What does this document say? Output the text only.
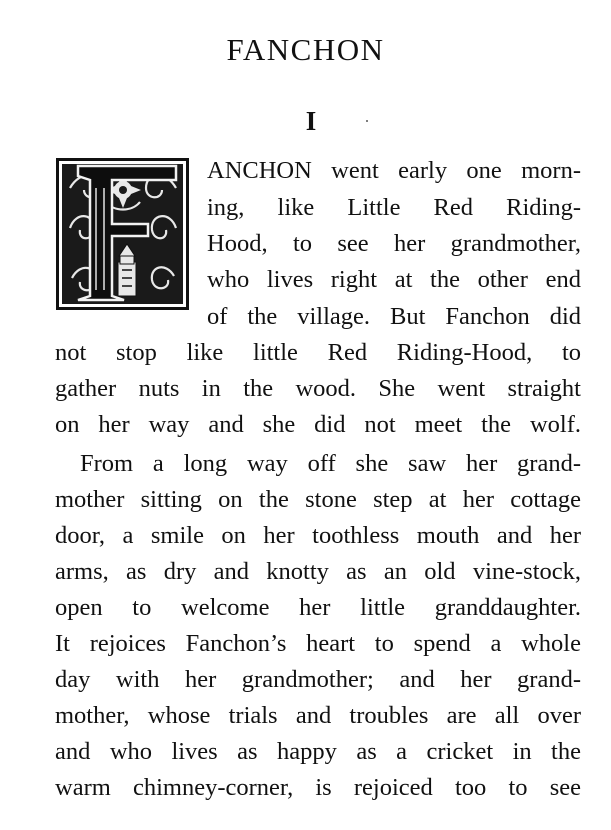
FANCHON
I
ANCHON went early one morn-
ing, like Little Red Riding-
Hood, to see her grandmother,
who lives right at the other end
of the village. But Fanchon did
not stop like little Red Riding-Hood, to
gather nuts in the wood. She went straight
on her way and she did not meet the wolf.
From a long way off she saw her grand-
mother sitting on the stone step at her cottage
door, a smile on her toothless mouth and her
arms, as dry and knotty as an old vine-stock,
open to welcome her little granddaughter.
It rejoices Fanchon’s heart to spend a whole
day with her grandmother; and her grand-
mother, whose trials and troubles are all over
and who lives as happy as a cricket in the
warm chimney-corner, is rejoiced too to see
